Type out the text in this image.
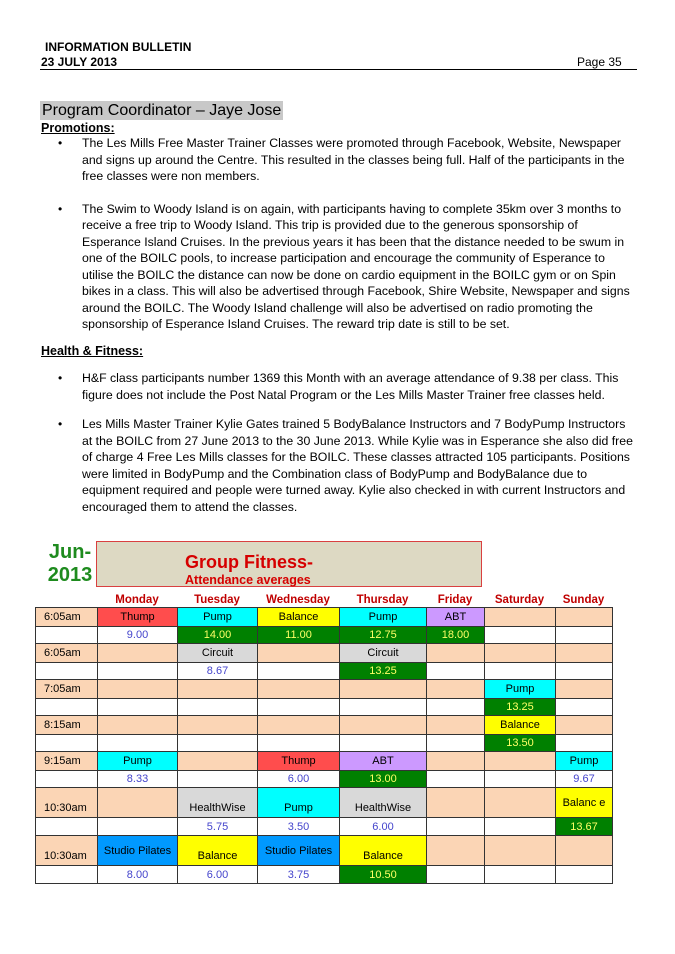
INFORMATION BULLETIN
23 JULY 2013	Page 35
Program Coordinator – Jaye Jose
Promotions:
•	The Les Mills Free Master Trainer Classes were promoted through Facebook, Website, Newspaper and signs up around the Centre. This resulted in the classes being full. Half of the participants in the free classes were non members.
•	The Swim to Woody Island is on again, with participants having to complete 35km over 3 months to receive a free trip to Woody Island. This trip is provided due to the generous sponsorship of Esperance Island Cruises. In the previous years it has been that the distance needed to be swum in one of the BOILC pools, to increase participation and encourage the community of Esperance to utilise the BOILC the distance can now be done on cardio equipment in the BOILC gym or on Spin bikes in a class. This will also be advertised through Facebook, Shire Website, Newspaper and signs around the BOILC. The Woody Island challenge will also be advertised on radio promoting the sponsorship of Esperance Island Cruises. The reward trip date is still to be set.
Health & Fitness:
•	H&F class participants number 1369 this Month with an average attendance of 9.38 per class. This figure does not include the Post Natal Program or the Les Mills Master Trainer free classes held.
•	Les Mills Master Trainer Kylie Gates trained 5 BodyBalance Instructors and 7 BodyPump Instructors at the BOILC from 27 June 2013 to the 30 June 2013. While Kylie was in Esperance she also did free of charge 4 Free Les Mills classes for the BOILC. These classes attracted 105 participants. Positions were limited in BodyPump and the Combination class of BodyPump and BodyBalance due to equipment required and people were turned away. Kylie also checked in with current Instructors and encouraged them to attend the classes.
Jun-
2013
Group Fitness-
Attendance averages
Monday	Tuesday	Wednesday	Thursday	Friday	Saturday	Sunday
6:05am	Thump	Pump	Balance	Pump	ABT		
	9.00	14.00	11.00	12.75	18.00		
6:05am		Circuit		Circuit			
		8.67		13.25			
7:05am						Pump	
						13.25	
8:15am						Balance	
						13.50	
9:15am	Pump		Thump	ABT			Pump
	8.33		6.00	13.00			9.67
10:30am		HealthWise	Pump	HealthWise			Balanc e
		5.75	3.50	6.00			13.67
10:30am	Studio Pilates	Balance	Studio Pilates	Balance			
	8.00	6.00	3.75	10.50			
